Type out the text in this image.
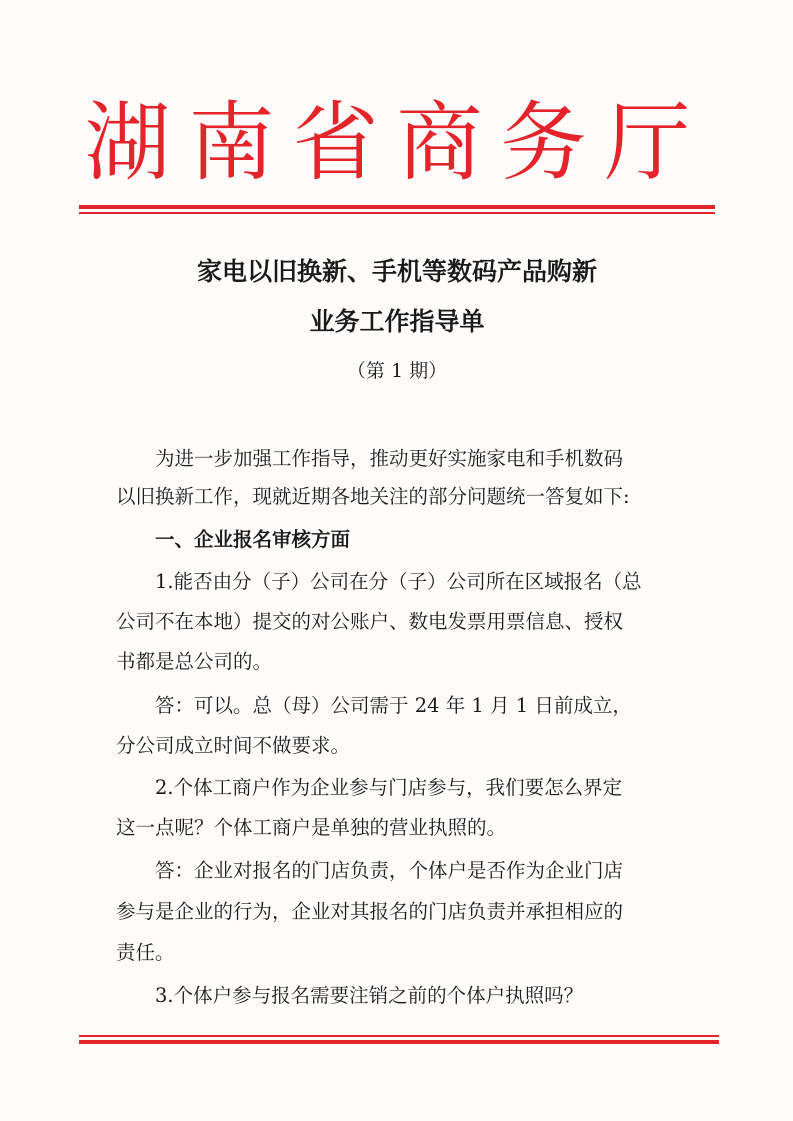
湖南省商务厅
家电以旧换新、手机等数码产品购新
业务工作指导单
（第 1 期）
为进一步加强工作指导，推动更好实施家电和手机数码
以旧换新工作，现就近期各地关注的部分问题统一答复如下:
一、企业报名审核方面
1.能否由分（子）公司在分（子）公司所在区域报名（总
公司不在本地）提交的对公账户、数电发票用票信息、授权
书都是总公司的。
答：可以。总（母）公司需于 24 年 1 月 1 日前成立，
分公司成立时间不做要求。
2.个体工商户作为企业参与门店参与，我们要怎么界定
这一点呢？个体工商户是单独的营业执照的。
答：企业对报名的门店负责，个体户是否作为企业门店
参与是企业的行为，企业对其报名的门店负责并承担相应的
责任。
3.个体户参与报名需要注销之前的个体户执照吗？
